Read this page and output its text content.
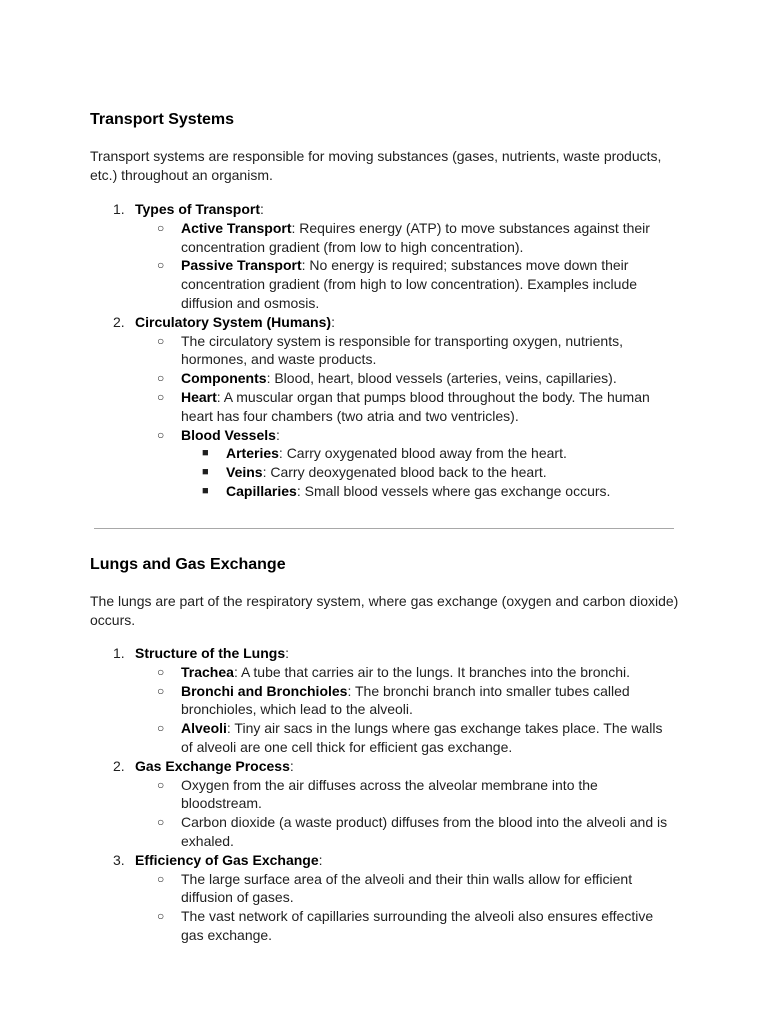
Transport Systems

Transport systems are responsible for moving substances (gases, nutrients, waste products, etc.) throughout an organism.

1. Types of Transport:
○ Active Transport: Requires energy (ATP) to move substances against their concentration gradient (from low to high concentration).
○ Passive Transport: No energy is required; substances move down their concentration gradient (from high to low concentration). Examples include diffusion and osmosis.
2. Circulatory System (Humans):
○ The circulatory system is responsible for transporting oxygen, nutrients, hormones, and waste products.
○ Components: Blood, heart, blood vessels (arteries, veins, capillaries).
○ Heart: A muscular organ that pumps blood throughout the body. The human heart has four chambers (two atria and two ventricles).
○ Blood Vessels:
■ Arteries: Carry oxygenated blood away from the heart.
■ Veins: Carry deoxygenated blood back to the heart.
■ Capillaries: Small blood vessels where gas exchange occurs.
Lungs and Gas Exchange

The lungs are part of the respiratory system, where gas exchange (oxygen and carbon dioxide) occurs.

1. Structure of the Lungs:
○ Trachea: A tube that carries air to the lungs. It branches into the bronchi.
○ Bronchi and Bronchioles: The bronchi branch into smaller tubes called bronchioles, which lead to the alveoli.
○ Alveoli: Tiny air sacs in the lungs where gas exchange takes place. The walls of alveoli are one cell thick for efficient gas exchange.
2. Gas Exchange Process:
○ Oxygen from the air diffuses across the alveolar membrane into the bloodstream.
○ Carbon dioxide (a waste product) diffuses from the blood into the alveoli and is exhaled.
3. Efficiency of Gas Exchange:
○ The large surface area of the alveoli and their thin walls allow for efficient diffusion of gases.
○ The vast network of capillaries surrounding the alveoli also ensures effective gas exchange.
